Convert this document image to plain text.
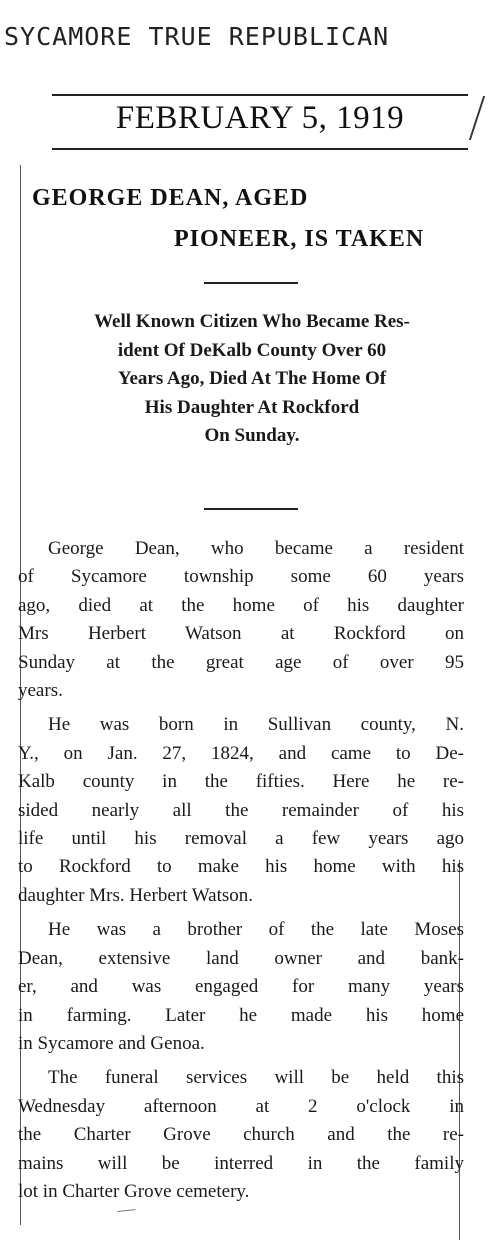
SYCAMORE TRUE REPUBLICAN
FEBRUARY 5, 1919
GEORGE DEAN, AGED
PIONEER, IS TAKEN
Well Known Citizen Who Became Res-
ident Of DeKalb County Over 60
Years Ago, Died At The Home Of
His Daughter At Rockford
On Sunday.
George Dean, who became a resident
of Sycamore township some 60 years
ago, died at the home of his daughter
Mrs Herbert Watson at Rockford on
Sunday at the great age of over 95
years.
He was born in Sullivan county, N.
Y., on Jan. 27, 1824, and came to De-
Kalb county in the fifties. Here he re-
sided nearly all the remainder of his
life until his removal a few years ago
to Rockford to make his home with his
daughter Mrs. Herbert Watson.
He was a brother of the late Moses
Dean, extensive land owner and bank-
er, and was engaged for many years
in farming. Later he made his home
in Sycamore and Genoa.
The funeral services will be held this
Wednesday afternoon at 2 o'clock in
the Charter Grove church and the re-
mains will be interred in the family
lot in Charter Grove cemetery.
